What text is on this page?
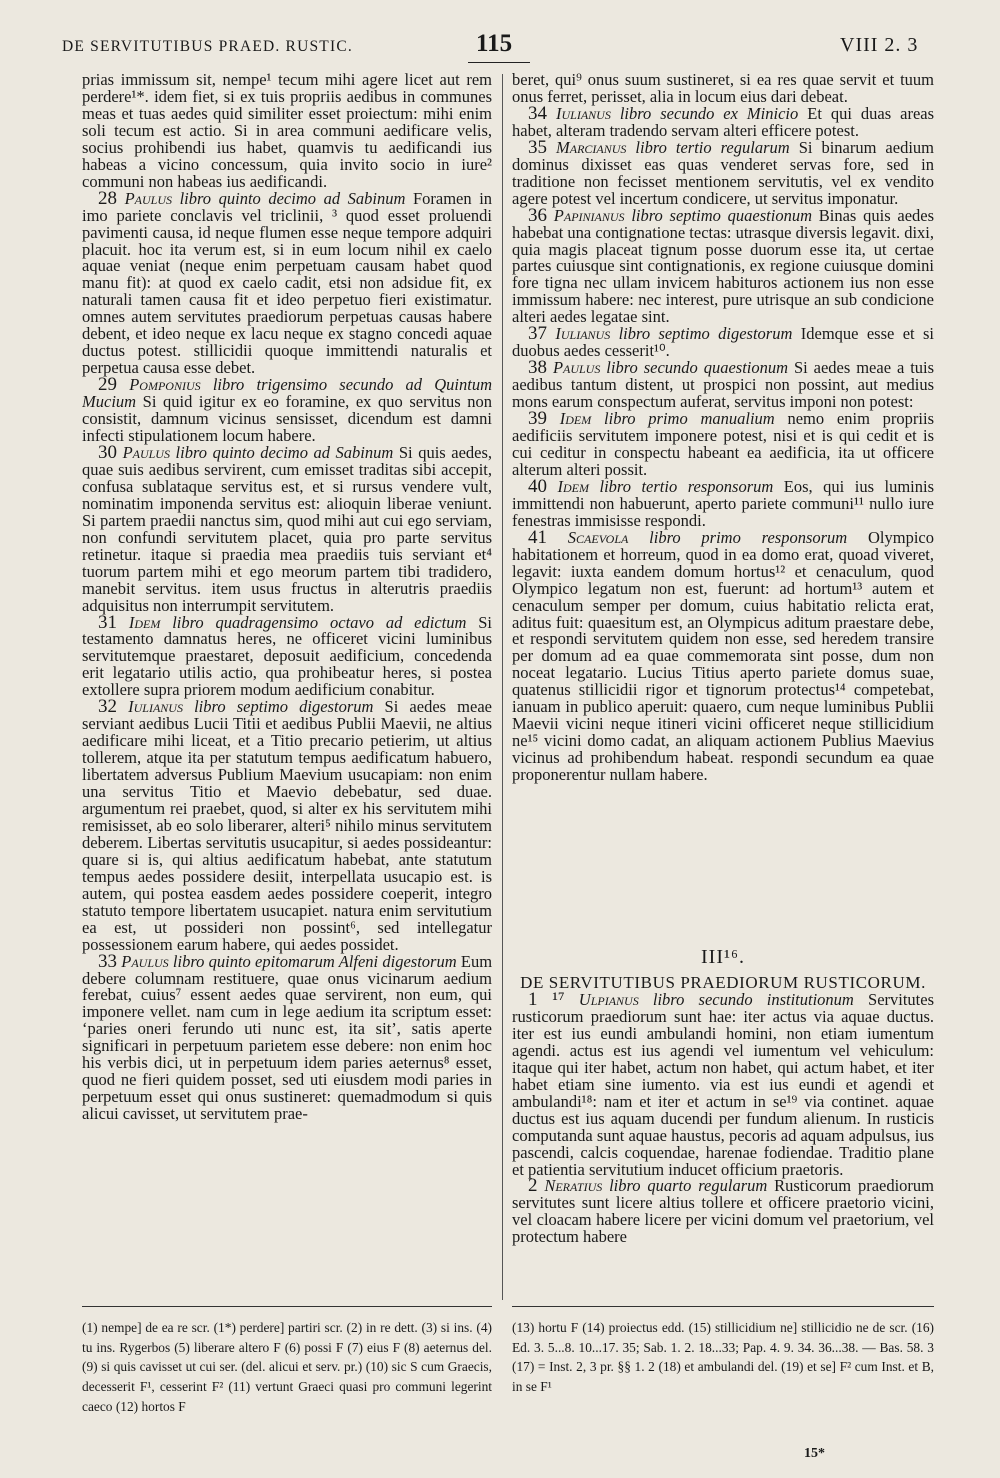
DE SERVITUTIBUS PRAED. RUSTIC.	115	VIII 2. 3

prias immissum sit, nempe¹ tecum mihi agere licet aut rem perdere¹*. idem fiet, si ex tuis propriis aedibus in communes meas et tuas aedes quid similiter esset proiectum: mihi enim soli tecum est actio. Si in area communi aedificare velis, socius prohibendi ius habet, quamvis tu aedificandi ius habeas a vicino concessum, quia invito socio in iure² communi non habeas ius aedificandi.

28 Paulus libro quinto decimo ad Sabinum Foramen in imo pariete conclavis vel triclinii, ³ quod esset proluendi pavimenti causa, id neque flumen esse neque tempore adquiri placuit. hoc ita verum est, si in eum locum nihil ex caelo aquae veniat (neque enim perpetuam causam habet quod manu fit): at quod ex caelo cadit, etsi non adsidue fit, ex naturali tamen causa fit et ideo perpetuo fieri existimatur. omnes autem servitutes praediorum perpetuas causas habere debent, et ideo neque ex lacu neque ex stagno concedi aquae ductus potest. stillicidii quoque immittendi naturalis et perpetua causa esse debet.

29 Pomponius libro trigensimo secundo ad Quintum Mucium Si quid igitur ex eo foramine, ex quo servitus non consistit, damnum vicinus sensisset, dicendum est damni infecti stipulationem locum habere.

30 Paulus libro quinto decimo ad Sabinum Si quis aedes, quae suis aedibus servirent, cum emisset traditas sibi accepit, confusa sublataque servitus est, et si rursus vendere vult, nominatim imponenda servitus est: alioquin liberae veniunt. Si partem praedii nanctus sim, quod mihi aut cui ego serviam, non confundi servitutem placet, quia pro parte servitus retinetur. itaque si praedia mea praediis tuis serviant et⁴ tuorum partem mihi et ego meorum partem tibi tradidero, manebit servitus. item usus fructus in alterutris praediis adquisitus non interrumpit servitutem.

31 Idem libro quadragensimo octavo ad edictum Si testamento damnatus heres, ne officeret vicini luminibus servitutemque praestaret, deposuit aedificium, concedenda erit legatario utilis actio, qua prohibeatur heres, si postea extollere supra priorem modum aedificium conabitur.

32 Iulianus libro septimo digestorum Si aedes meae serviant aedibus Lucii Titii et aedibus Publii Maevii, ne altius aedificare mihi liceat, et a Titio precario petierim, ut altius tollerem, atque ita per statutum tempus aedificatum habuero, libertatem adversus Publium Maevium usucapiam: non enim una servitus Titio et Maevio debebatur, sed duae. argumentum rei praebet, quod, si alter ex his servitutem mihi remisisset, ab eo solo liberarer, alteri⁵ nihilo minus servitutem deberem. Libertas servitutis usucapitur, si aedes possideantur: quare si is, qui altius aedificatum habebat, ante statutum tempus aedes possidere desiit, interpellata usucapio est. is autem, qui postea easdem aedes possidere coeperit, integro statuto tempore libertatem usucapiet. natura enim servitutium ea est, ut possideri non possint⁶, sed intellegatur possessionem earum habere, qui aedes possidet.

33 Paulus libro quinto epitomarum Alfeni digestorum Eum debere columnam restituere, quae onus vicinarum aedium ferebat, cuius⁷ essent aedes quae servirent, non eum, qui imponere vellet. nam cum in lege aedium ita scriptum esset: ‘paries oneri ferundo uti nunc est, ita sit’, satis aperte significari in perpetuum parietem esse debere: non enim hoc his verbis dici, ut in perpetuum idem paries aeternus⁸ esset, quod ne fieri quidem posset, sed uti eiusdem modi paries in perpetuum esset qui onus sustineret: quemadmodum si quis alicui cavisset, ut servitutem prae-

beret, qui⁹ onus suum sustineret, si ea res quae servit et tuum onus ferret, perisset, alia in locum eius dari debeat.

34 Iulianus libro secundo ex Minicio Et qui duas areas habet, alteram tradendo servam alteri efficere potest.

35 Marcianus libro tertio regularum Si binarum aedium dominus dixisset eas quas venderet servas fore, sed in traditione non fecisset mentionem servitutis, vel ex vendito agere potest vel incertum condicere, ut servitus imponatur.

36 Papinianus libro septimo quaestionum Binas quis aedes habebat una contignatione tectas: utrasque diversis legavit. dixi, quia magis placeat tignum posse duorum esse ita, ut certae partes cuiusque sint contignationis, ex regione cuiusque domini fore tigna nec ullam invicem habituros actionem ius non esse immissum habere: nec interest, pure utrisque an sub condicione alteri aedes legatae sint.

37 Iulianus libro septimo digestorum Idemque esse et si duobus aedes cesserit¹⁰.

38 Paulus libro secundo quaestionum Si aedes meae a tuis aedibus tantum distent, ut prospici non possint, aut medius mons earum conspectum auferat, servitus imponi non potest:

39 Idem libro primo manualium nemo enim propriis aedificiis servitutem imponere potest, nisi et is qui cedit et is cui ceditur in conspectu habeant ea aedificia, ita ut officere alterum alteri possit.

40 Idem libro tertio responsorum Eos, qui ius luminis immittendi non habuerunt, aperto pariete communi¹¹ nullo iure fenestras immisisse respondi.

41 Scaevola libro primo responsorum Olympico habitationem et horreum, quod in ea domo erat, quoad viveret, legavit: iuxta eandem domum hortus¹² et cenaculum, quod Olympico legatum non est, fuerunt: ad hortum¹³ autem et cenaculum semper per domum, cuius habitatio relicta erat, aditus fuit: quaesitum est, an Olympicus aditum praestare debe, et respondi servitutem quidem non esse, sed heredem transire per domum ad ea quae commemorata sint posse, dum non noceat legatario. Lucius Titius aperto pariete domus suae, quatenus stillicidii rigor et tignorum protectus¹⁴ competebat, ianuam in publico aperuit: quaero, cum neque luminibus Publii Maevii vicini neque itineri vicini officeret neque stillicidium ne¹⁵ vicini domo cadat, an aliquam actionem Publius Maevius vicinus ad prohibendum habeat. respondi secundum ea quae proponerentur nullam habere.

III¹⁶.
DE SERVITUTIBUS PRAEDIORUM RUSTICORUM.

1 ¹⁷ Ulpianus libro secundo institutionum Servitutes rusticorum praediorum sunt hae: iter actus via aquae ductus. iter est ius eundi ambulandi homini, non etiam iumentum agendi. actus est ius agendi vel iumentum vel vehiculum: itaque qui iter habet, actum non habet, qui actum habet, et iter habet etiam sine iumento. via est ius eundi et agendi et ambulandi¹⁸: nam et iter et actum in se¹⁹ via continet. aquae ductus est ius aquam ducendi per fundum alienum. In rusticis computanda sunt aquae haustus, pecoris ad aquam adpulsus, ius pascendi, calcis coquendae, harenae fodiendae. Traditio plane et patientia servitutium inducet officium praetoris.

2 Neratius libro quarto regularum Rusticorum praediorum servitutes sunt licere altius tollere et officere praetorio vicini, vel cloacam habere licere per vicini domum vel praetorium, vel protectum habere

(1) nempe] de ea re scr. (1*) perdere] partiri scr. (2) in re dett. (3) si ins. (4) tu ins. Rygerbos (5) liberare altero F (6) possi F (7) eius F (8) aeternus del. (9) si quis cavisset ut cui ser. (del. alicui et serv. pr.) (10) sic S cum Graecis, decesserit F¹, cesserint F² (11) vertunt Graeci quasi pro communi legerint caeco (12) hortos F

(13) hortu F (14) proiectus edd. (15) stillicidium ne] stillicidio ne de scr. (16) Ed. 3. 5...8. 10...17. 35; Sab. 1. 2. 18...33; Pap. 4. 9. 34. 36...38. — Bas. 58. 3 (17) = Inst. 2, 3 pr. §§ 1. 2 (18) et ambulandi del. (19) et se] F² cum Inst. et B, in se F¹

15*
